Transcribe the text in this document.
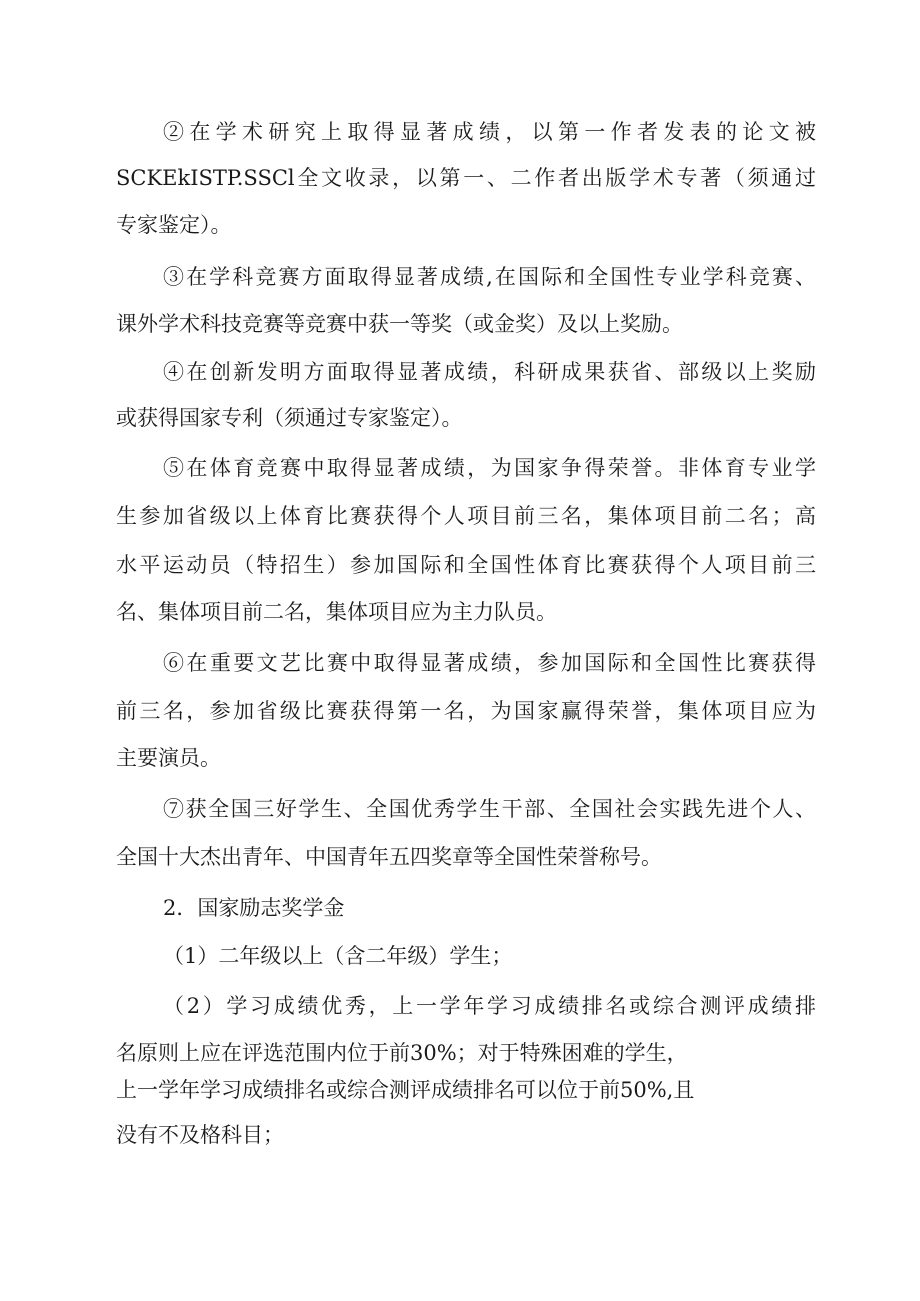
②在学术研究上取得显著成绩，以第一作者发表的论文被
SCKEkISTP.SSCl全文收录，以第一、二作者出版学术专著（须通过
专家鉴定）。
③在学科竞赛方面取得显著成绩,在国际和全国性专业学科竞赛、
课外学术科技竞赛等竞赛中获一等奖（或金奖）及以上奖励。
④在创新发明方面取得显著成绩，科研成果获省、部级以上奖励
或获得国家专利（须通过专家鉴定）。
⑤在体育竞赛中取得显著成绩，为国家争得荣誉。非体育专业学
生参加省级以上体育比赛获得个人项目前三名，集体项目前二名；高
水平运动员（特招生）参加国际和全国性体育比赛获得个人项目前三
名、集体项目前二名，集体项目应为主力队员。
⑥在重要文艺比赛中取得显著成绩，参加国际和全国性比赛获得
前三名，参加省级比赛获得第一名，为国家赢得荣誉，集体项目应为
主要演员。
⑦获全国三好学生、全国优秀学生干部、全国社会实践先进个人、
全国十大杰出青年、中国青年五四奖章等全国性荣誉称号。
2．国家励志奖学金
（1）二年级以上（含二年级）学生；
（2）学习成绩优秀，上一学年学习成绩排名或综合测评成绩排
名原则上应在评选范围内位于前30%；对于特殊困难的学生，
上一学年学习成绩排名或综合测评成绩排名可以位于前50%,且
没有不及格科目；
